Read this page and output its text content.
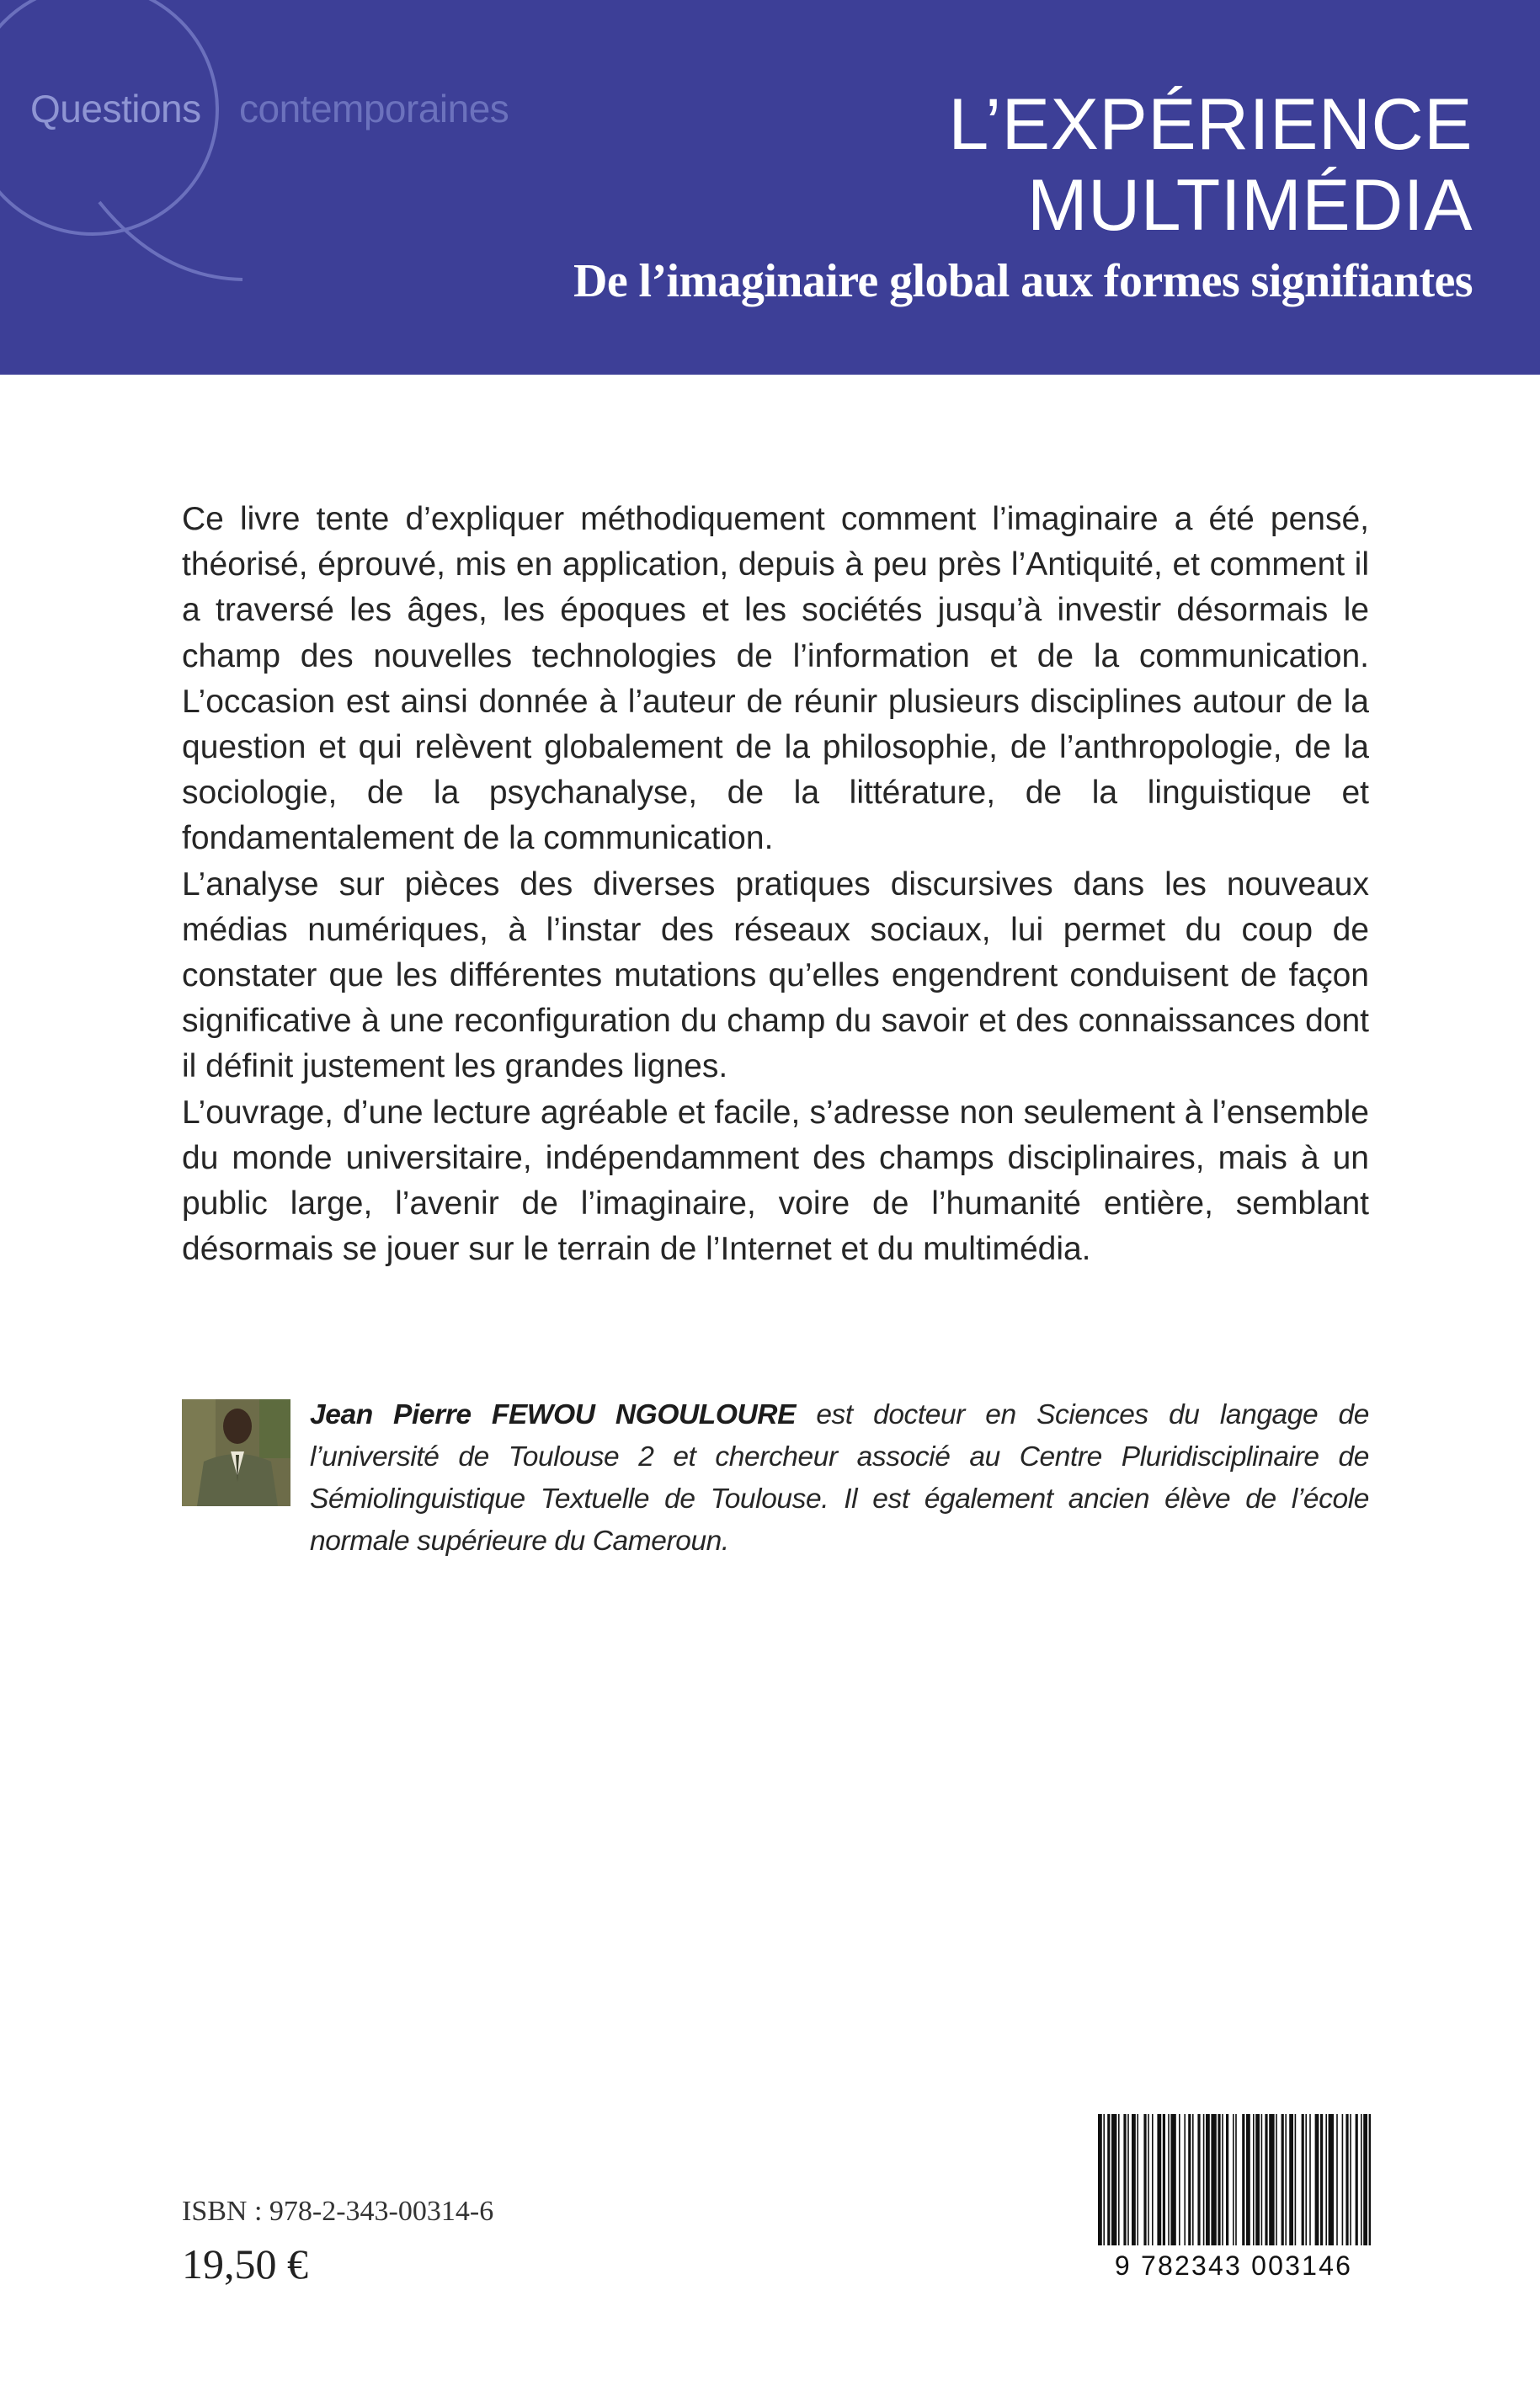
Questions contemporaines	L’EXPÉRIENCE
MULTIMÉDIA
De l’imaginaire global aux formes signifiantes

Ce livre tente d’expliquer méthodiquement comment l’imaginaire a été pensé, théorisé, éprouvé, mis en application, depuis à peu près l’Antiquité, et comment il a traversé les âges, les époques et les sociétés jusqu’à investir désormais le champ des nouvelles technologies de l’information et de la communication. L’occasion est ainsi donnée à l’auteur de réunir plusieurs disciplines autour de la question et qui relèvent globalement de la philosophie, de l’anthropologie, de la sociologie, de la psychanalyse, de la littérature, de la linguistique et fondamentalement de la communication.

L’analyse sur pièces des diverses pratiques discursives dans les nouveaux médias numériques, à l’instar des réseaux sociaux, lui permet du coup de constater que les différentes mutations qu’elles engendrent conduisent de façon significative à une reconfiguration du champ du savoir et des connaissances dont il définit justement les grandes lignes.

L’ouvrage, d’une lecture agréable et facile, s’adresse non seulement à l’ensemble du monde universitaire, indépendamment des champs disciplinaires, mais à un public large, l’avenir de l’imaginaire, voire de l’humanité entière, semblant désormais se jouer sur le terrain de l’Internet et du multimédia.

Jean Pierre FEWOU NGOULOURE est docteur en Sciences du langage de l’université de Toulouse 2 et chercheur associé au Centre Pluridisciplinaire de Sémiolinguistique Textuelle de Toulouse. Il est également ancien élève de l’école normale supérieure du Cameroun.
ISBN : 978-2-343-00314-6
19,50 €	9 782343 003146
